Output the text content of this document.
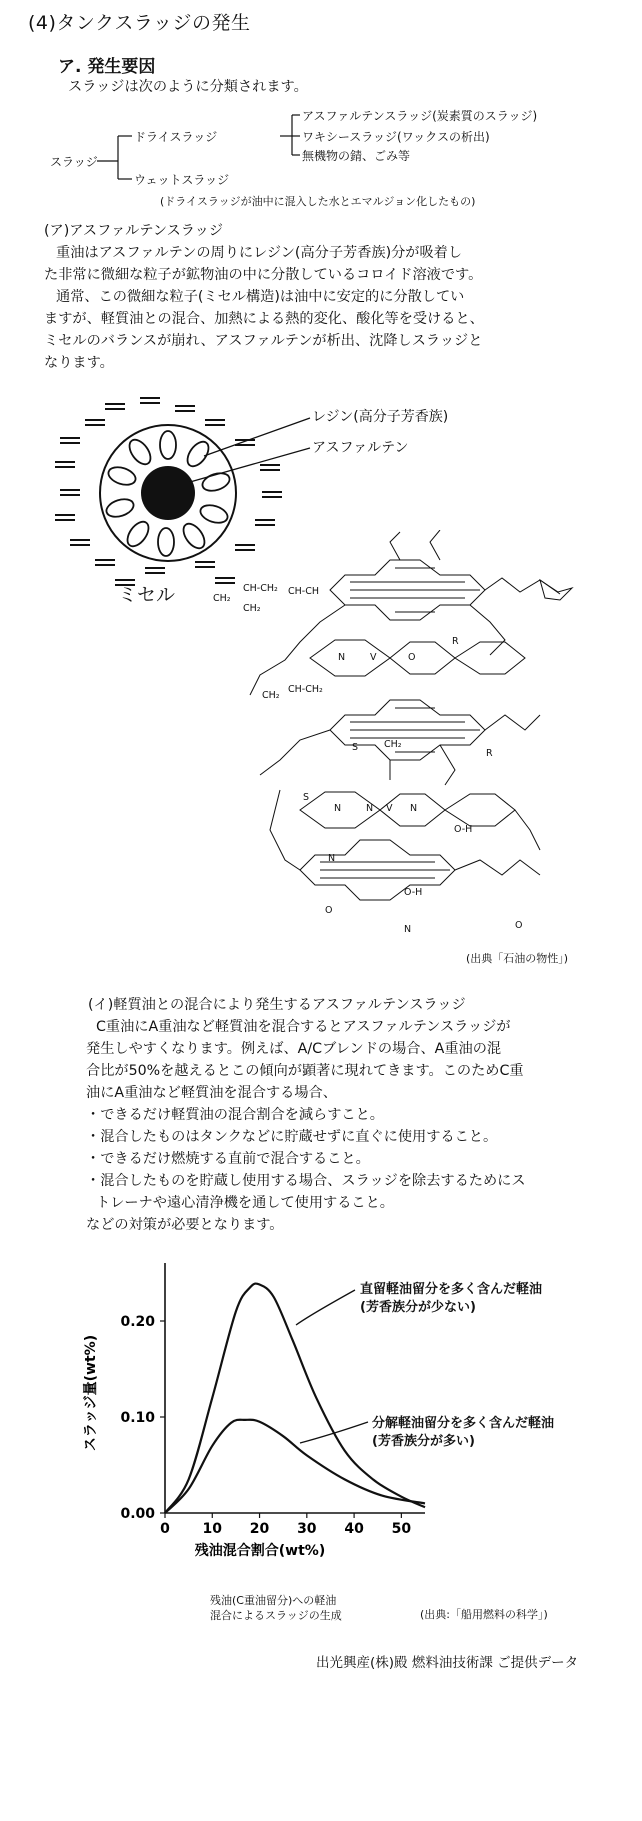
(4)タンクスラッジの発生
ア. 発生要因
スラッジは次のように分類されます。
スラッジ
ドライスラッジ
アスファルテンスラッジ(炭素質のスラッジ)
ワキシースラッジ(ワックスの析出)
無機物の錆、ごみ等
ウェットスラッジ
(ドライスラッジが油中に混入した水とエマルジョン化したもの)
(ア)アスファルテンスラッジ
重油はアスファルテンの周りにレジン(高分子芳香族)分が吸着し
た非常に微細な粒子が鉱物油の中に分散しているコロイド溶液です。
通常、この微細な粒子(ミセル構造)は油中に安定的に分散してい
ますが、軽質油との混合、加熱による熱的変化、酸化等を受けると、
ミセルのバランスが崩れ、アスファルテンが析出、沈降しスラッジと
なります。
レジン(高分子芳香族)
アスファルテン
ミセル	CH₂
CH₂
CH-CH
CH-CH₂
CH₂
CH-CH₂
S	CH₂
R
R
S
N	V	O
N	N V N
O-H
N
O-H
O
N	O
(出典「石油の物性」)
(イ)軽質油との混合により発生するアスファルテンスラッジ
C重油にA重油など軽質油を混合するとアスファルテンスラッジが
発生しやすくなります。例えば、A/Cブレンドの場合、A重油の混
合比が50%を越えるとこの傾向が顕著に現れてきます。このためC重
油にA重油など軽質油を混合する場合、
・できるだけ軽質油の混合割合を減らすこと。
・混合したものはタンクなどに貯蔵せずに直ぐに使用すること。
・できるだけ燃焼する直前で混合すること。
・混合したものを貯蔵し使用する場合、スラッジを除去するためにス
トレーナや遠心清浄機を通して使用すること。
などの対策が必要となります。
0 10 20 30 40 50
0.00
0.10
0.20
残油混合割合(wt%)
スラッジ量(wt%)
直留軽油留分を多く含んだ軽油
(芳香族分が少ない)
分解軽油留分を多く含んだ軽油
(芳香族分が多い)
残油(C重油留分)への軽油
混合によるスラッジの生成	(出典:「船用燃料の科学」)
出光興産(株)殿 燃料油技術課 ご提供データ
